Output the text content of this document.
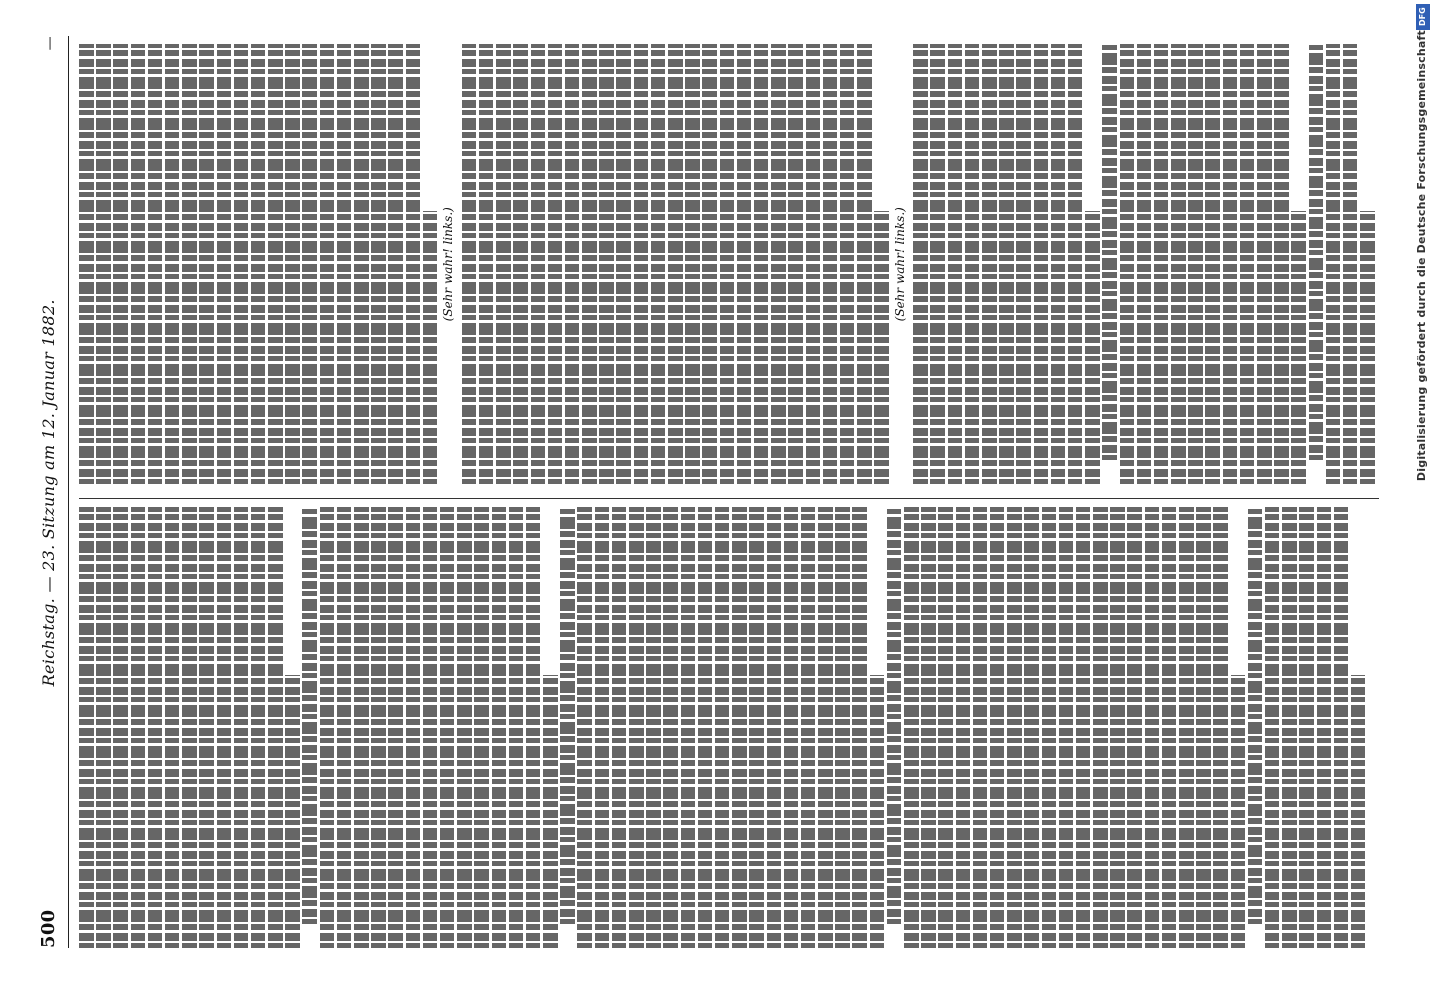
500
Reichstag. — 23. Sitzung am 12. Januar 1882.
—
(Sehr wahr! links.)	(Sehr wahr! links.)	Digitalisierung gefördert durch die Deutsche Forschungsgemeinschaft
DFG
